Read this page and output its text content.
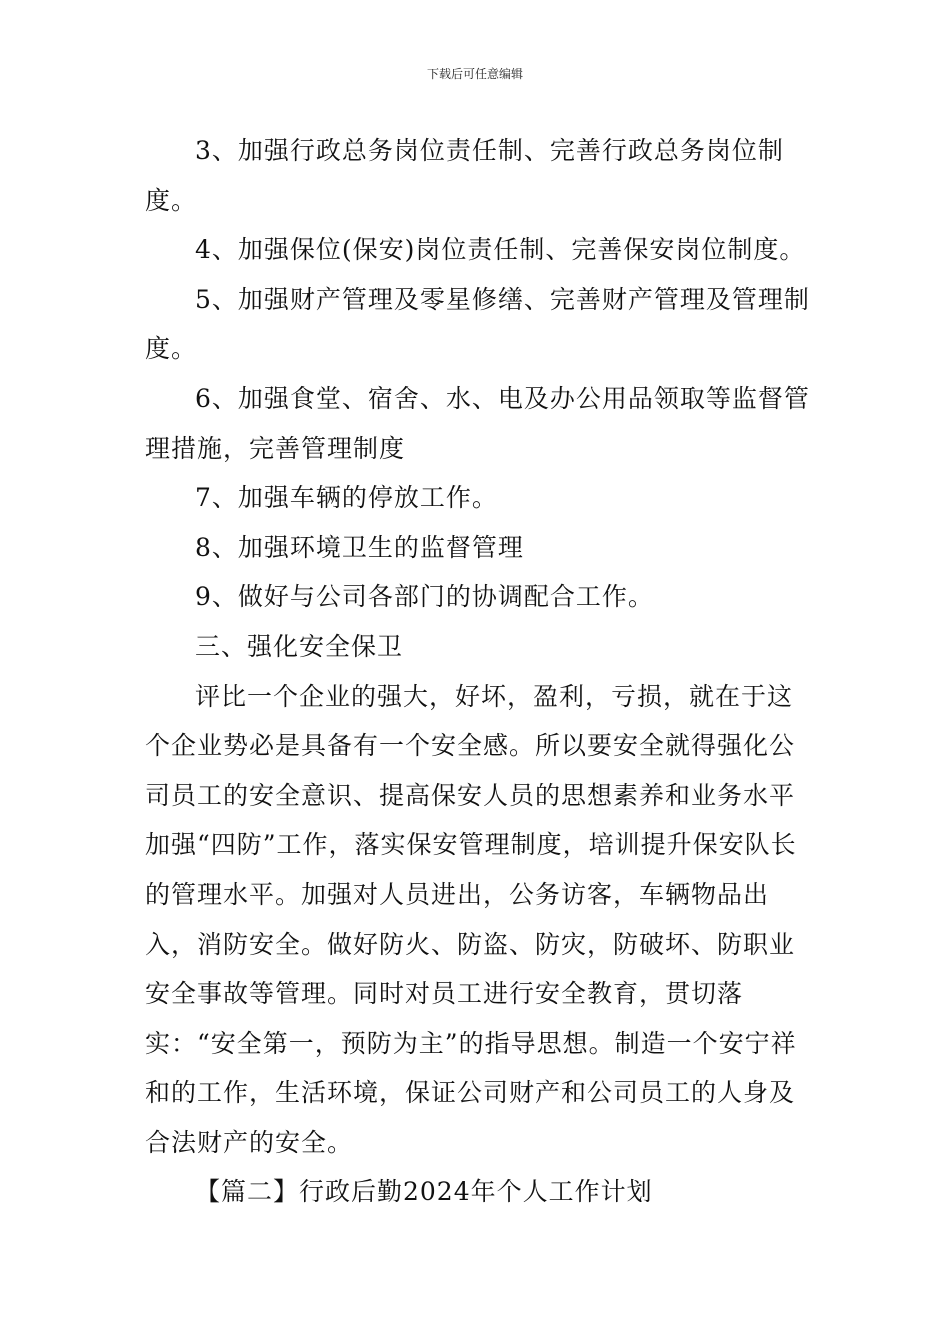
下载后可任意编辑

3、加强行政总务岗位责任制、完善行政总务岗位制度。

4、加强保位(保安)岗位责任制、完善保安岗位制度。

5、加强财产管理及零星修缮、完善财产管理及管理制度。

6、加强食堂、宿舍、水、电及办公用品领取等监督管理措施，完善管理制度

7、加强车辆的停放工作。

8、加强环境卫生的监督管理

9、做好与公司各部门的协调配合工作。

三、强化安全保卫

评比一个企业的强大，好坏，盈利，亏损，就在于这个企业势必是具备有一个安全感。所以要安全就得强化公司员工的安全意识、提高保安人员的思想素养和业务水平加强“四防”工作，落实保安管理制度，培训提升保安队长的管理水平。加强对人员进出，公务访客，车辆物品出入，消防安全。做好防火、防盗、防灾，防破坏、防职业安全事故等管理。同时对员工进行安全教育，贯切落实：“安全第一，预防为主”的指导思想。制造一个安宁祥和的工作，生活环境，保证公司财产和公司员工的人身及合法财产的安全。

【篇二】行政后勤2024年个人工作计划
